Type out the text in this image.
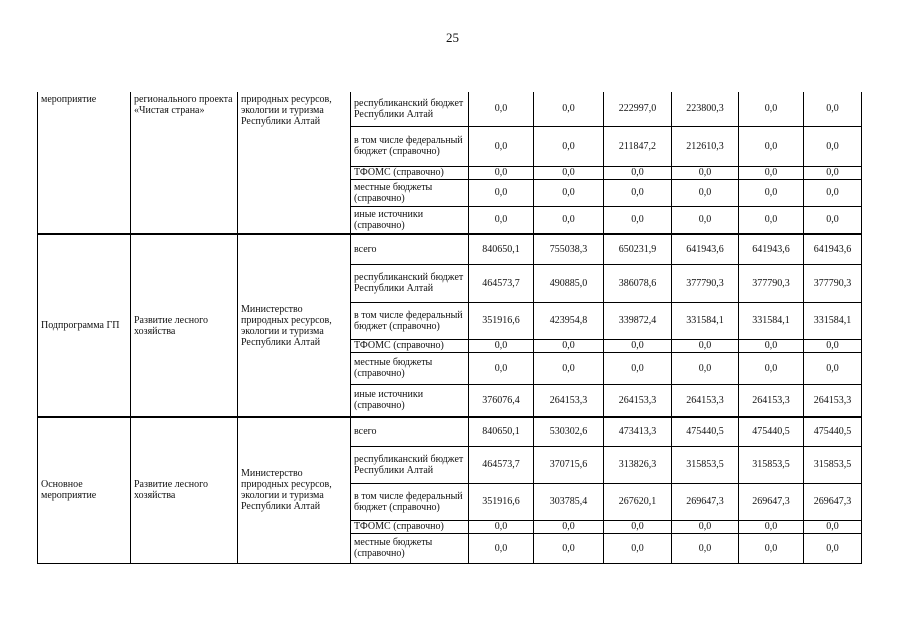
25
мероприятие	регионального проекта «Чистая страна»	природных ресурсов, экологии и туризма Республики Алтай	республиканский бюджет Республики Алтай	0,0	0,0	222997,0	223800,3	0,0	0,0
			в том числе федеральный бюджет (справочно)	0,0	0,0	211847,2	212610,3	0,0	0,0
			ТФОМС (справочно)	0,0	0,0	0,0	0,0	0,0	0,0
			местные бюджеты (справочно)	0,0	0,0	0,0	0,0	0,0	0,0
			иные источники (справочно)	0,0	0,0	0,0	0,0	0,0	0,0
Подпрограмма ГП	Развитие лесного хозяйства	Министерство природных ресурсов, экологии и туризма Республики Алтай	всего	840650,1	755038,3	650231,9	641943,6	641943,6	641943,6
			республиканский бюджет Республики Алтай	464573,7	490885,0	386078,6	377790,3	377790,3	377790,3
			в том числе федеральный бюджет (справочно)	351916,6	423954,8	339872,4	331584,1	331584,1	331584,1
			ТФОМС (справочно)	0,0	0,0	0,0	0,0	0,0	0,0
			местные бюджеты (справочно)	0,0	0,0	0,0	0,0	0,0	0,0
			иные источники (справочно)	376076,4	264153,3	264153,3	264153,3	264153,3	264153,3
Основное мероприятие	Развитие лесного хозяйства	Министерство природных ресурсов, экологии и туризма Республики Алтай	всего	840650,1	530302,6	473413,3	475440,5	475440,5	475440,5
			республиканский бюджет Республики Алтай	464573,7	370715,6	313826,3	315853,5	315853,5	315853,5
			в том числе федеральный бюджет (справочно)	351916,6	303785,4	267620,1	269647,3	269647,3	269647,3
			ТФОМС (справочно)	0,0	0,0	0,0	0,0	0,0	0,0
			местные бюджеты (справочно)	0,0	0,0	0,0	0,0	0,0	0,0
